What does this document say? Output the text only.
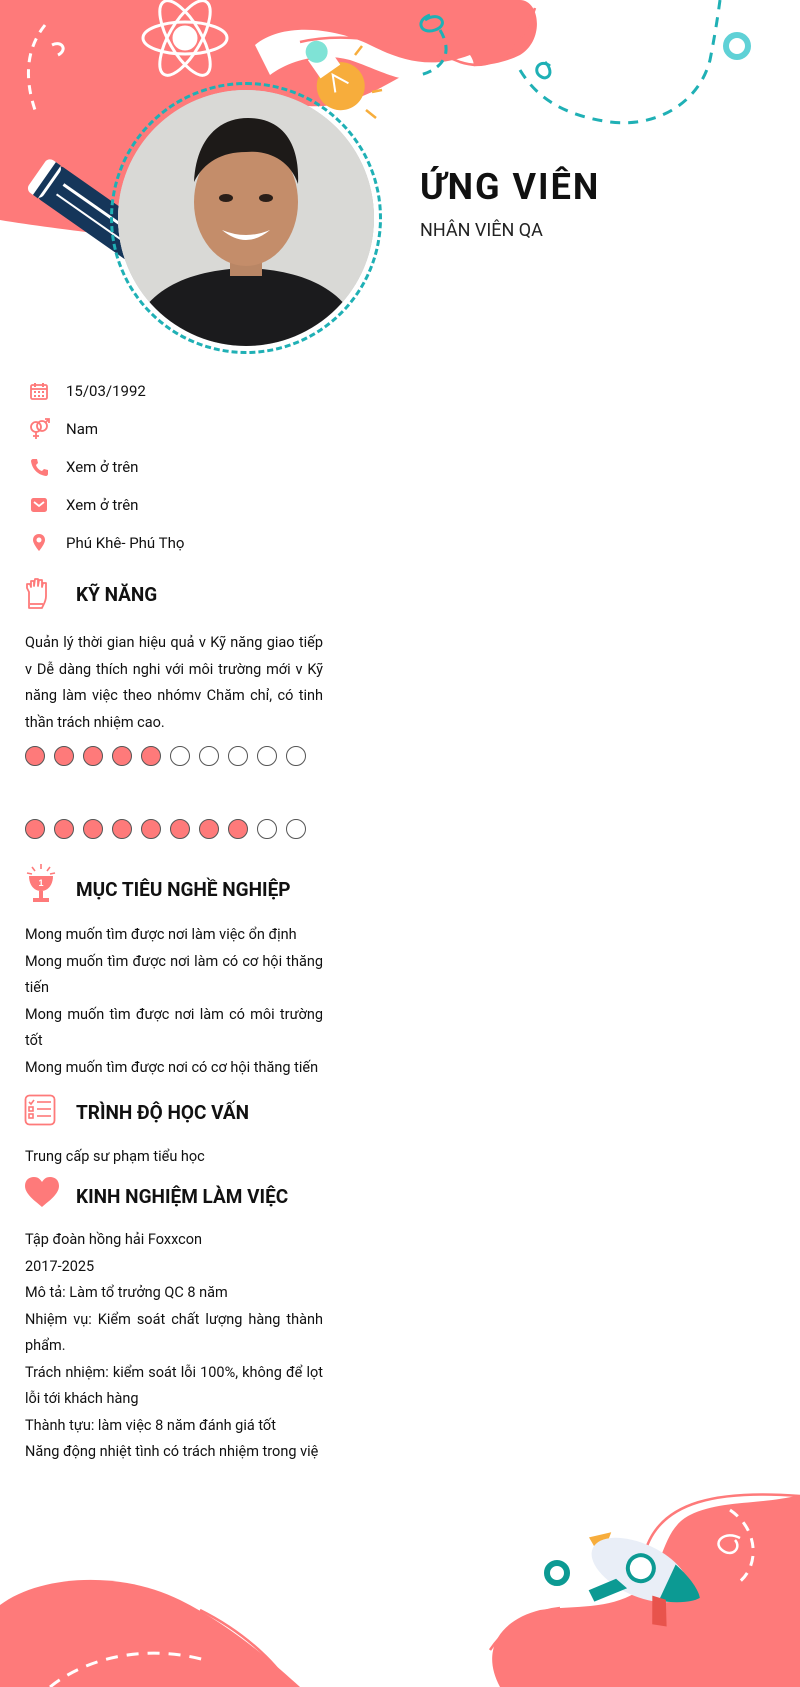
ỨNG VIÊN
NHÂN VIÊN QA
15/03/1992
Nam
Xem ở trên
Xem ở trên
Phú Khê- Phú Thọ
KỸ NĂNG
Quản lý thời gian hiệu quả v Kỹ năng giao tiếp v Dễ dàng thích nghi với môi trường mới v Kỹ năng làm việc theo nhómv Chăm chỉ, có tinh thần trách nhiệm cao.
1 MỤC TIÊU NGHỀ NGHIỆP

Mong muốn tìm được nơi làm việc ổn định

Mong muốn tìm được nơi làm có cơ hội thăng tiến

Mong muốn tìm được nơi làm có môi trường tốt

Mong muốn tìm được nơi có cơ hội thăng tiến

TRÌNH ĐỘ HỌC VẤN

Trung cấp sư phạm tiểu học

KINH NGHIỆM LÀM VIỆC

Tập đoàn hồng hải Foxxcon

2017-2025

Mô tả: Làm tổ trưởng QC 8 năm

Nhiệm vụ: Kiểm soát chất lượng hàng thành phẩm.

Trách nhiệm: kiểm soát lỗi 100%, không để lọt lỗi tới khách hàng

Thành tựu: làm việc 8 năm đánh giá tốt

Năng động nhiệt tình có trách nhiệm trong việ
